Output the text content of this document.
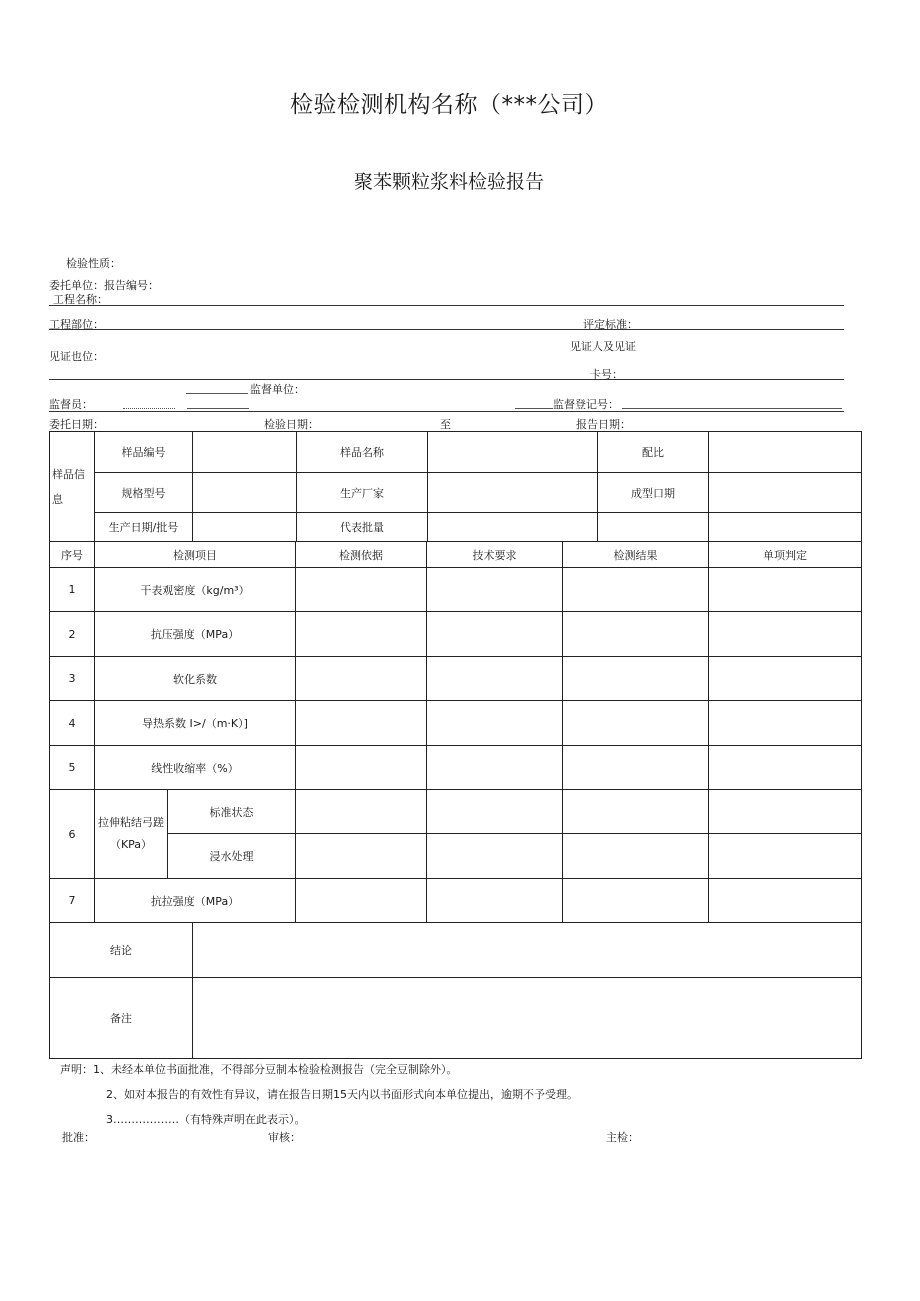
检验检测机构名称（***公司）
聚苯颗粒浆料检验报告
检验性质：
委托单位：报告编号：
工程名称：
工程部位：	评定标准：
见证也位：
见证人及见证
卡号：
监督单位：
监督员：	监督登记号：
委托日期：	检验日期：	至	报告日期：
样品信息	样品编号		样品名称		配比	
	规格型号		生产厂家		成型口期	
	生产日期/批号		代表批量			
序号	检测项目		检测依据	技术要求	检测结果	单项判定
1	干表观密度（kg/m³）					
2	抗压强度（MPa）					
3	软化系数					
4	导热系数 I>/（m·K）]					
5	线性收缩率（%）					
6	拉伸粘结弓蹉（KPa）	标准状态				
		浸水处理				
7	抗拉强度（MPa）					
结论	
备注	
声明：1、未经本单位书面批准，不得部分豆制本检验检测报告（完全豆制除外）。
2、如对本报告的有效性有异议，请在报告日期15天内以书面形式向本单位提出，逾期不予受理。
3………………（有特殊声明在此表示）。
批准：	审核：	主检：
